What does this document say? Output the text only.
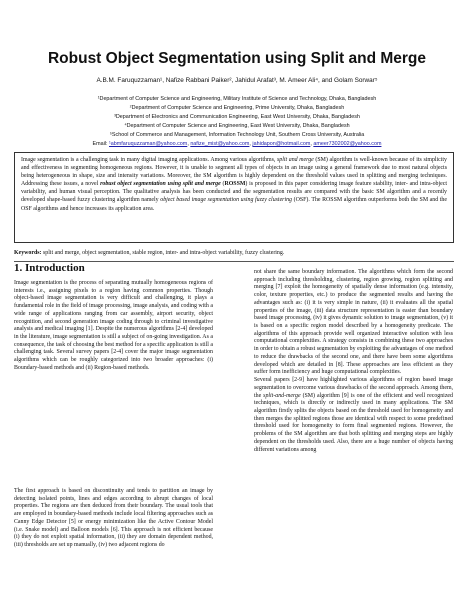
Robust Object Segmentation using Split and Merge
A.B.M. Faruquzzaman¹, Nafize Rabbani Paiker², Jahidul Arafat³, M. Ameer Ali⁴, and Golam Sorwar⁵
¹Department of Computer Science and Engineering, Military Institute of Science and Technology, Dhaka, Bangladesh
²Department of Computer Science and Engineering, Prime University, Dhaka, Bangladesh
³Department of Electronics and Communication Engineering, East West University, Dhaka, Bangladesh
⁴Department of Computer Science and Engineering, East West University, Dhaka, Bangladesh
⁵School of Commerce and Management, Information Technology Unit, Southern Cross University, Australia
Email: ¹abmfaruquzzaman@yahoo.com, nafize_mist@yahoo.com, jahidapon@hotmail.com, ameer7302002@yahoo.com

Image segmentation is a challenging task in many digital imaging applications. Among various algorithms, split and merge (SM) algorithm is well-known because of its simplicity and effectiveness in segmenting homogeneous regions. However, it is unable to segment all types of objects in an image using a general framework due to most natural objects being heterogeneous in shape, size and intensity variations. Moreover, the SM algorithm is highly dependent on the threshold values used in splitting and merging techniques. Addressing these issues, a novel robust object segmentation using split and merge (ROSSM) is proposed in this paper considering image feature stability, inter- and intra-object variability, and human visual perception. The qualitative analysis has been conducted and the segmentation results are compared with the basic SM algorithm and a recently developed shape-based fuzzy clustering algorithm namely object based image segmentation using fuzzy clustering (OSF). The ROSSM algorithm outperforms both the SM and the OSF algorithms and hence increases its application area.

Keywords: split and merge, object segmentation, stable region, inter- and intra-object variability, fuzzy clustering.
1. Introduction

Image segmentation is the process of separating mutually homogeneous regions of interests i.e., assigning pixels to a region having common properties. Though object-based image segmentation is very difficult and challenging, it plays a fundamental role in the field of image processing, image analysis, and coding with a wide range of applications ranging from car assembly, airport security, object recognition, and second generation image coding through to criminal investigative analysis and medical imaging [1]. Despite the numerous algorithms [2-4] developed in the literature, image segmentation is still a subject of on-going investigation. As a consequence, the task of choosing the best method for a specific application is still a challenging task. Several survey papers [2-4] cover the major image segmentation algorithms which can be roughly categorized into two broader approaches: (i) Boundary-based methods and (ii) Region-based methods.

The first approach is based on discontinuity and tends to partition an image by detecting isolated points, lines and edges according to abrupt changes of local properties. The regions are then deduced from their boundary. The usual tools that are employed in boundary-based methods include local filtering approaches such as Canny Edge Detector [5] or energy minimization like the Active Contour Model (i.e. Snake model) and Balloon models [6]. This approach is not efficient because (i) they do not exploit spatial information, (ii) they are domain dependent method, (iii) thresholds are set up manually, (iv) two adjacent regions do

not share the same boundary information. The algorithms which form the second approach including thresholding, clustering, region growing, region splitting and merging [7] exploit the homogeneity of spatially dense information (e.g. intensity, color, texture properties, etc.) to produce the segmented results and having the advantages such as: (i) it is very simple in nature, (ii) it evaluates all the spatial properties of the image, (iii) data structure representation is easier than boundary based image processing, (iv) it gives dynamic solution to image segmentation, (v) it is based on a specific region model described by a homogeneity predicate. The algorithms of this approach provide well organized interactive solution with less computational complexities. A strategy consists in combining these two approaches in order to obtain a robust segmentation by exploiting the advantages of one method to reduce the drawbacks of the second one, and there have been some algorithms developed which are detailed in [8]. These approaches are less efficient as they suffer form inefficiency and huge computational complexities.

Several papers [2-9] have highlighted various algorithms of region based image segmentation to overcome various drawbacks of the second approach. Among them, the split-and-merge (SM) algorithm [9] is one of the efficient and well recognized techniques, which is directly or indirectly used in many applications. The SM algorithm firstly splits the objects based on the threshold used for homogeneity and then merges the splitted regions those are identical with respect to some predefined threshold used for homogeneity to form final segmented regions. However, the problems of the SM algorithm are that both splitting and merging steps are highly dependent on the thresholds used. Also, there are a huge number of objects having different variations among
